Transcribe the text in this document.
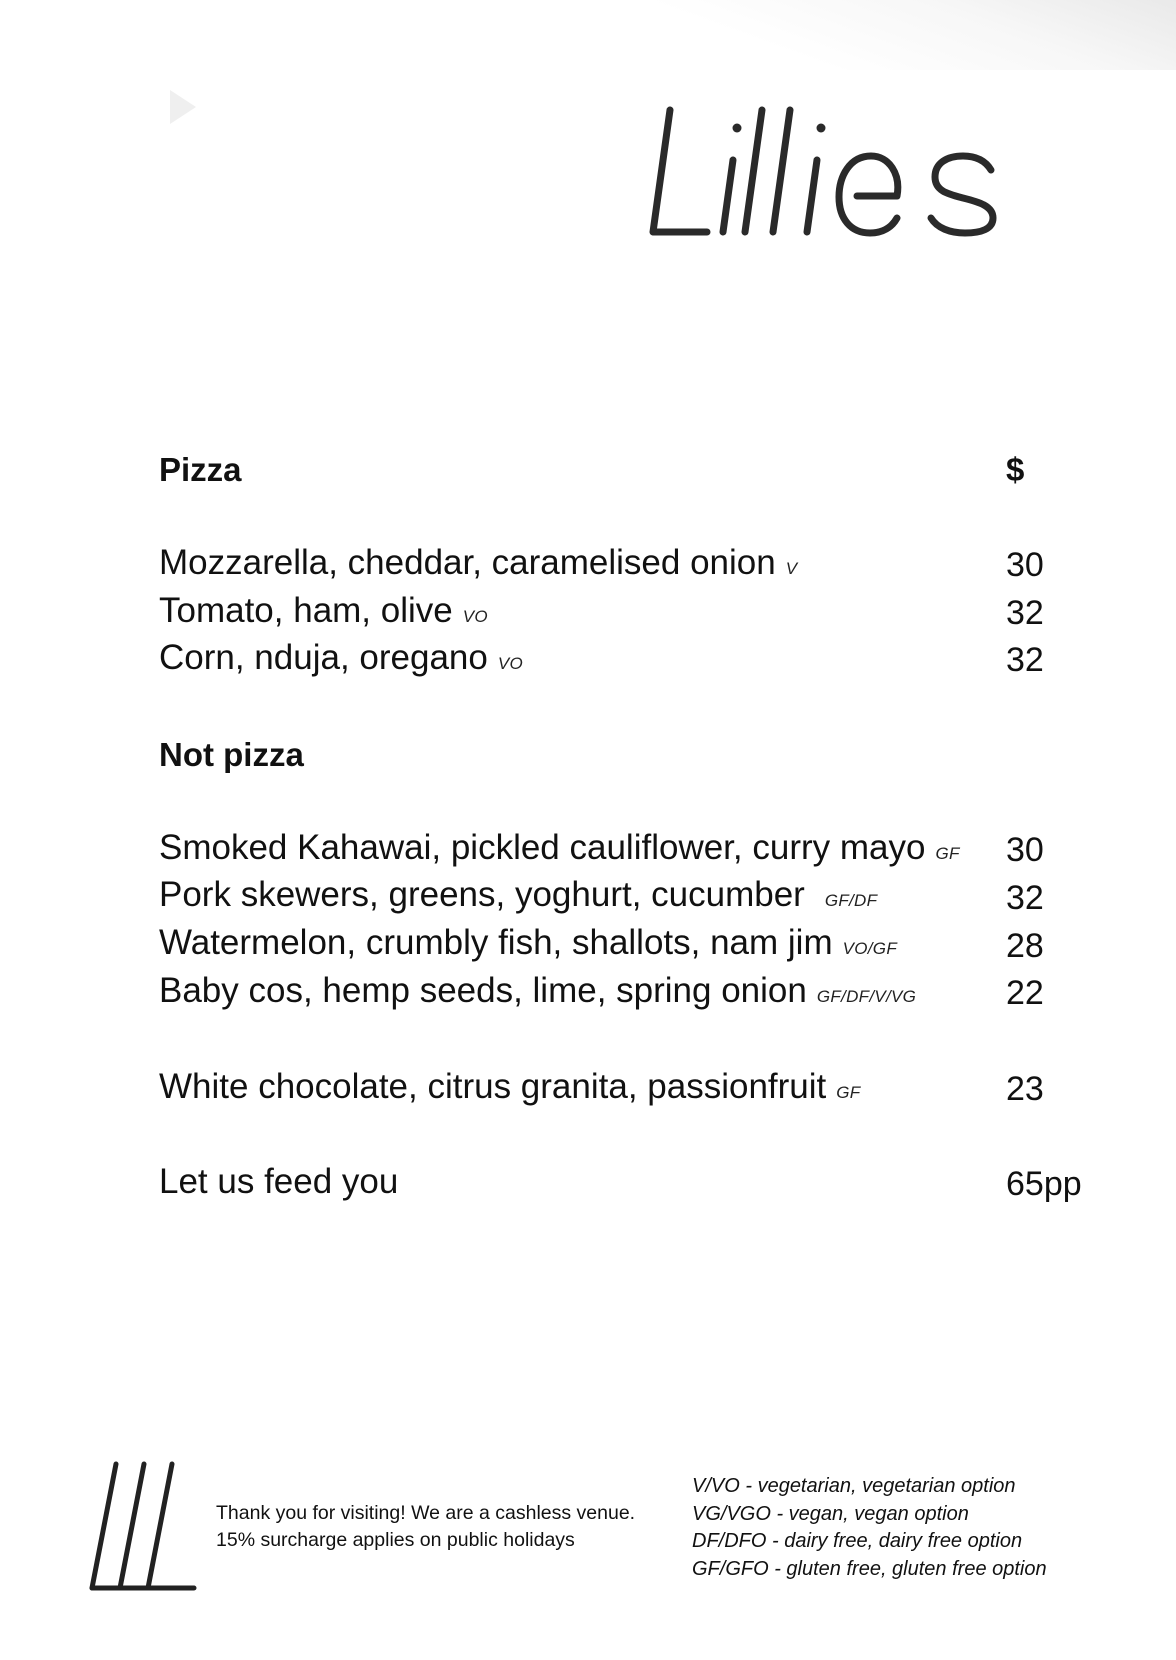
Pizza	$
Mozzarella, cheddar, caramelised onion V	30
Tomato, ham, olive VO	32
Corn, nduja, oregano VO	32
Not pizza
Smoked Kahawai, pickled cauliflower, curry mayo GF 30
Pork skewers, greens, yoghurt, cucumber GF/DF	32
Watermelon, crumbly fish, shallots, nam jim VO/GF	28
Baby cos, hemp seeds, lime, spring onion GF/DF/V/VG	22
White chocolate, citrus granita, passionfruit GF	23
Let us feed you	65pp
Thank you for visiting! We are a cashless venue.
15% surcharge applies on public holidays
V/VO - vegetarian, vegetarian option
VG/VGO - vegan, vegan option
DF/DFO - dairy free, dairy free option
GF/GFO - gluten free, gluten free option
